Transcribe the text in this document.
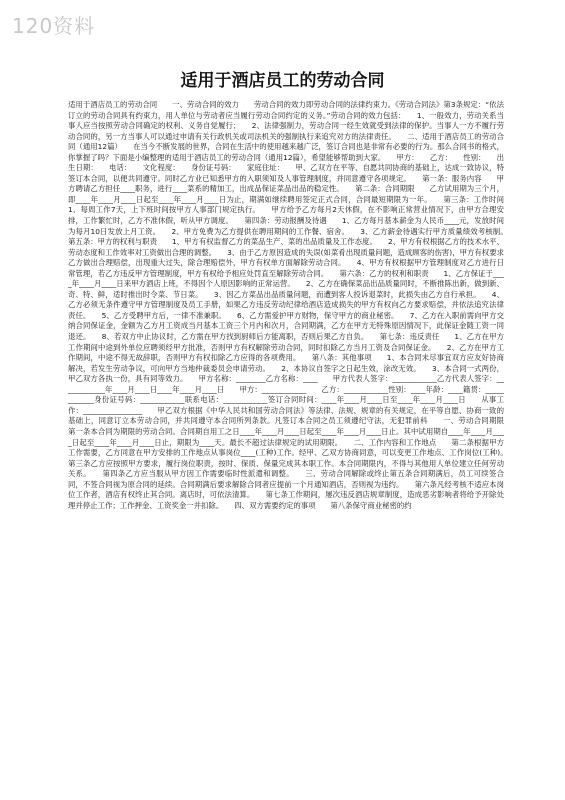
120资料
适用于酒店员工的劳动合同

适用于酒店员工的劳动合同　　一、劳动合同的效力　　劳动合同的效力即劳动合同的法律约束力。《劳动合同法》第3条规定：“依法订立的劳动合同具有约束力，用人单位与劳动者应当履行劳动合同约定的义务。”劳动合同的效力包括：　　1、一般效力，劳动关系当事人应当按照劳动合同确定的权利、义务自觉履行；　　2、法律强制力，劳动合同一经生效就受到法律的保护。当事人一方不履行劳动合同的，另一方当事人可以通过申请有关行政机关或司法机关的强制执行来追究对方的法律责任。　　二、适用于酒店员工的劳动合同（通用12篇）　　在当今不断发展的世界，合同在生活中的使用越来越广泛，签订合同也是非常有必要的行为。那么合同书的格式，你掌握了吗？下面是小编整理的适用于酒店员工的劳动合同（通用12篇），希望能够帮助到大家。　　甲方：　　乙方：　　性别：　　出生日期：　　电话：　　文化程度：　　身份证号码：　　家庭住址：　　甲、乙双方在平等、自愿共同协商的基础上，达成一致协议，特签订本合同，以便共同遵守。同时乙方业已知悉甲方的入职须知及人事管理制度，并同意遵守各项规定。　　第一条：服务内容　　甲方聘请乙方担任____职务，进行____菜系的精加工，出成品保证菜品出品的稳定性。　　第二条：合同期限　　乙方试用期为三个月，即____年____月____日起至____年____月____日为止，期满如继续聘用签定正式合同，合同最短期限为一年。　　第三条：工作时间　　1、每周工作7天，上下班时间按甲方人事部门规定执行。　　甲方给予乙方每月2天休假，在不影响正常营业情况下，由甲方合理安排，工作繁忙时，乙方不准休假，听从甲方调度。　　第四条：劳动报酬及待遇　　1、乙方每月基本薪金为人民币____元，发放时间为每月10日发放上月工资。　　2、甲方免费为乙方提供在聘用期间的工作餐、宿舍。　　3、乙方薪金待遇实行甲方质量绩效考核制。　　第五条：甲方的权利与职责　　1、甲方有权监督乙方的菜品生产、菜的出品质量及工作态度。　　2、甲方有权根据乙方的技术水平、劳动态度和工作效率对工资做出合理的调整。　　3、由于乙方原因造成的失误(如菜肴出现质量问题，造成顾客的伤害)，甲方有权要求乙方做出合理赔偿，出现重大过失，除合理赔偿外，甲方有权单方面解除劳动合同。　　4、甲方有权根据甲方管理制度对乙方进行日常管理，若乙方违反甲方管理制度，甲方有权给予相应处罚直至解除劳动合同。　　第六条：乙方的权利和职责　　1、乙方保证于____年____月____日来甲方酒店上班，不得因个人原因影响的正常运营。　　2、乙方在确保菜品出品质量同时，不断推陈出新，做到新、奇、特、鲜，适时推出时令菜、节日菜。　　3、因乙方菜品出品质量问题，而遭到客人投诉退菜时，此损失由乙方自行承担。　　4、乙方必须无条件遵守甲方管理制度及员工手册，如果乙方违反劳动纪律给酒店造成损失的甲方有权向乙方要求赔偿，并依法追究法律责任。　　5、乙方受聘甲方后，一律不准兼职。　　6、乙方需爱护甲方财物，保守甲方的商业秘密。　　7、乙方在入职前需向甲方交纳合同保证金，金额为乙方月工资成当月基本工资三个月内和次月，合同期满，乙方在甲方无特殊原因情况下，此保证金随工资一同退还。　　8、若双方中止协议时，乙方需在甲方找到厨师后方能离职，否则后果乙方自负。　　第七条：违反责任　　1、乙方在甲方工作期间中途到外单位应聘须经甲方批准，否则甲方有权解除劳动合同，同时扣除乙方当月工资及合同保证金。　　2、乙方在甲方工作期间，中途不得无故辞职，否则甲方有权扣除乙方应得的各项费用。　　第八条：其他事项　　1、本合同未尽事宜双方应友好协商解决，若发生劳动争议，可向甲方当地仲裁委员会申请劳动。　　2、本协议自签字之日起生效，涂改无效。　　3、本合同一式两份，甲乙双方各执一份，具有同等效力。　　甲方名称：________乙方名称：____　　甲方代表人签字：____________乙方代表人签字：____________年____月____日____年____月____日　　甲方：____________　　乙方：____________性别：____年龄：____籍贯：____________身份证号码：____________联系电话：____________签订合同时间：____年____月____日至____年____月____日　　从事工作：________________　　甲乙双方根据《中华人民共和国劳动合同法》等法律、法规、规章的有关规定，在平等自愿、协商一致的基础上，同意订立本劳动合同，并共同遵守本合同所列条款。凡签订本合同之员工须遵纪守法，无犯罪前科　　一、劳动合同期限　　第一条本合同为期限的劳动合同。合同期自用工之日____年____月____日起至____年____月____日止。其中试用期自____年____月____日起至____年____月____日止，期限为____天。最长不超过法律规定的试用期限。　　二、工作内容和工作地点　　第二条根据甲方工作需要，乙方同意在甲方安排的工作地点从事岗位____(工种)工作。经甲、乙双方协商同意，可以变更工作地点、工作岗位(工种)。　　第三条乙方应按照甲方要求，履行岗位职责，按时、保质、保量完成其本职工作。本合同期限内，不得与其他用人单位建立任何劳动关系。　　第四条乙方应当服从甲方因工作需要临时性派遣和调整。　　三、劳动合同解除或终止第五条合同期满后，员工可续签合同，不签合同视为原合同的延续。合同期满后要求解除合同者应提前一个月通知酒店，否则视为违约。　　第六条凡经考核不适应本岗位工作者，酒店有权终止其合同。离店时，可依法清算。　　第七条工作期间，屡次违反酒店规章制度，造成恶劣影响者将给予开除处理并停止工作；工作押金、工资奖金一并扣除。　　四、双方需要约定的事项　　第八条保守商业秘密的约
